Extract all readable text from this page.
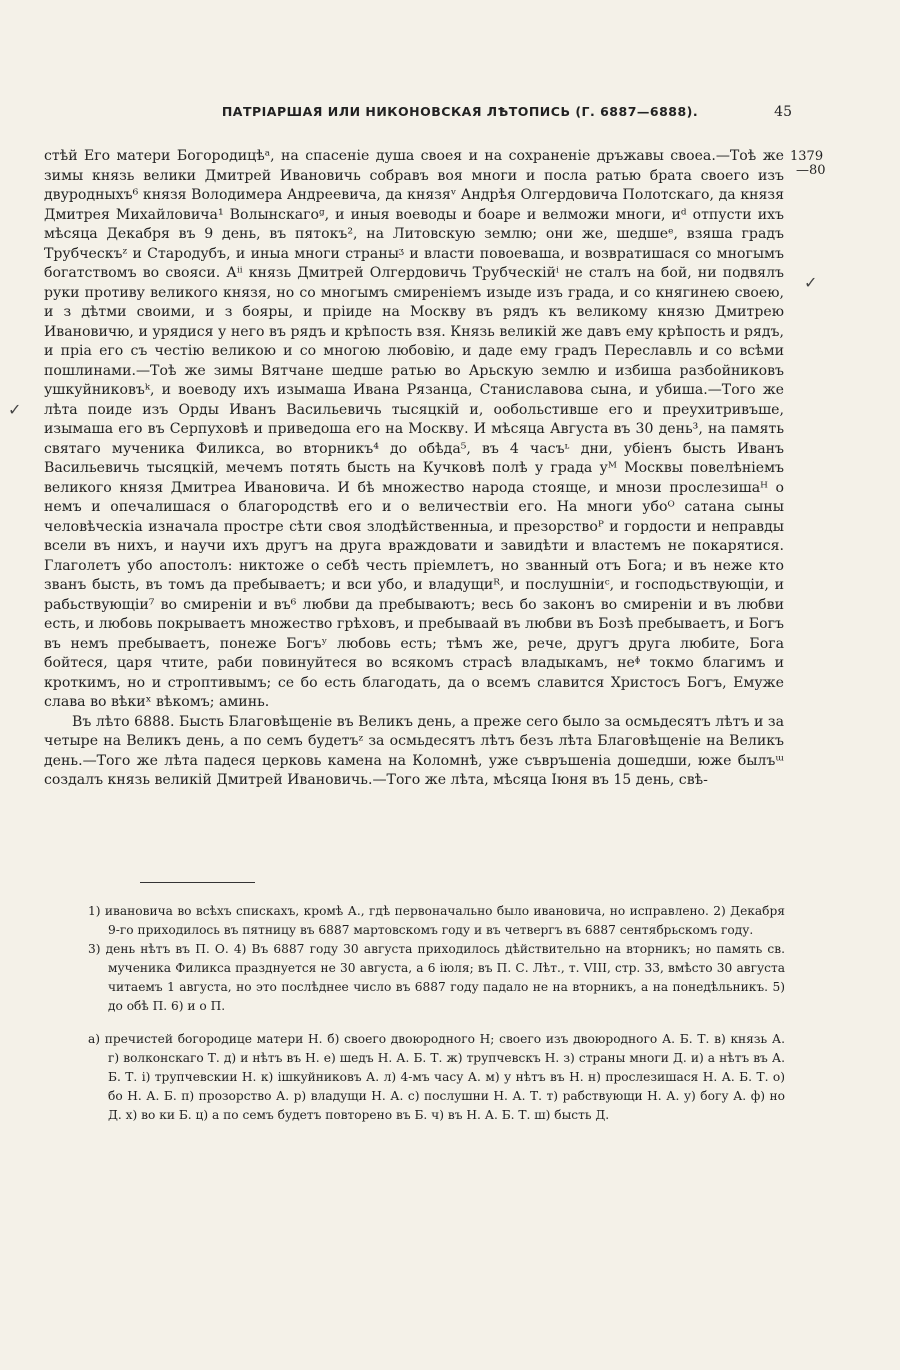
ПАТРІАРШАЯ ИЛИ НИКОНОВСКАЯ ЛѢТОПИСЬ (Г. 6887—6888).	45
1379
—80
✓
✓

стѣй Его матери Богородицѣᵃ, на спасеніе душа своея и на сохраненіе дръжавы своеа.—Тоѣ же зимы князь велики Дмитрей Ивановичь собравъ воя многи и посла ратью брата своего изъ двуродныхъ⁶ князя Володимера Андреевича, да князяᵛ Андрѣя Олгердовича Полотскаго, да князя Дмитрея Михайловича¹ Волынскагоᵍ, и иныя воеводы и боаре и велможи многи, иᵈ отпусти ихъ мѣсяца Декабря въ 9 день, въ пятокъ², на Литовскую землю; они же, шедшеᵉ, взяша градъ Трубческъᶻ и Стародубъ, и иныа многи страныᶾ и власти повоеваша, и возвратишася со многымъ богатствомъ во свояси. Аⁱⁱ князь Дмитрей Олгердовичь Трубческійⁱ не сталъ на бой, ни подвялъ руки противу великого князя, но со многымъ смиреніемъ изыде изъ града, и со княгинею своею, и з дѣтми своими, и з бояры, и пріиде на Москву въ рядъ къ великому князю Дмитрею Ивановичю, и урядися у него въ рядъ и крѣпость взя. Князь великій же давъ ему крѣпость и рядъ, и пріа его съ честію великою и со многою любовію, и даде ему градъ Переславль и со всѣми пошлинами.—Тоѣ же зимы Вятчане шедше ратью во Арьскую землю и избиша разбойниковъ ушкуйниковъᵏ, и воеводу ихъ изымаша Ивана Рязанца, Станиславова сына, и убиша.—Того же лѣта поиде изъ Орды Иванъ Васильевичь тысяцкій и, ообольстивше его и преухитривъше, изымаша его въ Серпуховѣ и приведоша его на Москву. И мѣсяца Августа въ 30 день³, на память святаго мученика Филикса, во вторникъ⁴ до обѣда⁵, въ 4 часъᶫ дни, убіенъ бысть Иванъ Васильевичь тысяцкій, мечемъ потять бысть на Кучковѣ полѣ у града уᴹ Москвы повелѣніемъ великого князя Дмитреа Ивановича. И бѣ множество народа стояще, и мнози прослезишаᴴ о немъ и опечалишася о благородствѣ его и о величествіи его. На многи убоᴼ сатана сыны человѣческіа изначала простре сѣти своя злодѣйственныа, и презорствоᴾ и гордости и неправды всели въ нихъ, и научи ихъ другъ на друга враждовати и завидѣти и властемъ не покарятися. Глаголетъ убо апостолъ: никтоже о себѣ честь пріемлетъ, но званный отъ Бога; и въ неже кто званъ бысть, въ томъ да пребываетъ; и вси убо, и владущиᴿ, и послушніиᶜ, и господьствующіи, и рабьствующіи⁷ во смиреніи и въ⁶ любви да пребываютъ; весь бо законъ во смиреніи и въ любви есть, и любовь покрываетъ множество грѣховъ, и пребываай въ любви въ Бозѣ пребываетъ, и Богъ въ немъ пребываетъ, понеже Богъʸ любовь есть; тѣмъ же, рече, другъ друга любите, Бога бойтеся, царя чтите, раби повинуйтеся во всякомъ страсѣ владыкамъ, неᶲ токмо благимъ и кроткимъ, но и строптивымъ; се бо есть благодать, да о всемъ славится Христосъ Богъ, Емуже слава во вѣкиˣ вѣкомъ; аминь.

Въ лѣто 6888. Бысть Благовѣщеніе въ Великъ день, а преже сего было за осмьдесятъ лѣтъ и за четыре на Великъ день, а по семъ будетъᶻ за осмьдесятъ лѣтъ безъ лѣта Благовѣщеніе на Великъ день.—Того же лѣта падеся церковь камена на Коломнѣ, уже съвръшеніа дошедши, юже былъᵚ создалъ князь великій Дмитрей Ивановичь.—Того же лѣта, мѣсяца Іюня въ 15 день, свѣ-

1) ивановича во всѣхъ спискахъ, кромѣ А., гдѣ первоначально было ивановича, но исправлено. 2) Декабря 9-го приходилось въ пятницу въ 6887 мартовскомъ году и въ четвергъ въ 6887 сентябрьскомъ году.

3) день нѣтъ въ П. О. 4) Въ 6887 году 30 августа приходилось дѣйствительно на вторникъ; но память св. мученика Филикса празднуется не 30 августа, а 6 іюля; въ П. С. Лѣт., т. VIII, стр. 33, вмѣсто 30 августа читаемъ 1 августа, но это послѣднее число въ 6887 году падало не на вторникъ, а на понедѣльникъ. 5) до обѣ П. 6) и о П.

а) пречистей богородице матери Н. б) своего двоюродного Н; своего изъ двоюродного А. Б. Т. в) князь А. г) волконскаго Т. д) и нѣтъ въ Н. е) шедъ Н. А. Б. Т. ж) трупчевскъ Н. з) страны многи Д. и) а нѣтъ въ А. Б. Т. і) трупчевскии Н. к) ішкуйниковъ А. л) 4-мъ часу А. м) у нѣтъ въ Н. н) прослезишася Н. А. Б. Т. о) бо Н. А. Б. п) прозорство А. р) владущи Н. А. с) послушни Н. А. Т. т) рабствующи Н. А. у) богу А. ф) но Д. х) во ки Б. ц) а по семъ будетъ повторено въ Б. ч) въ Н. А. Б. Т. ш) бысть Д.
